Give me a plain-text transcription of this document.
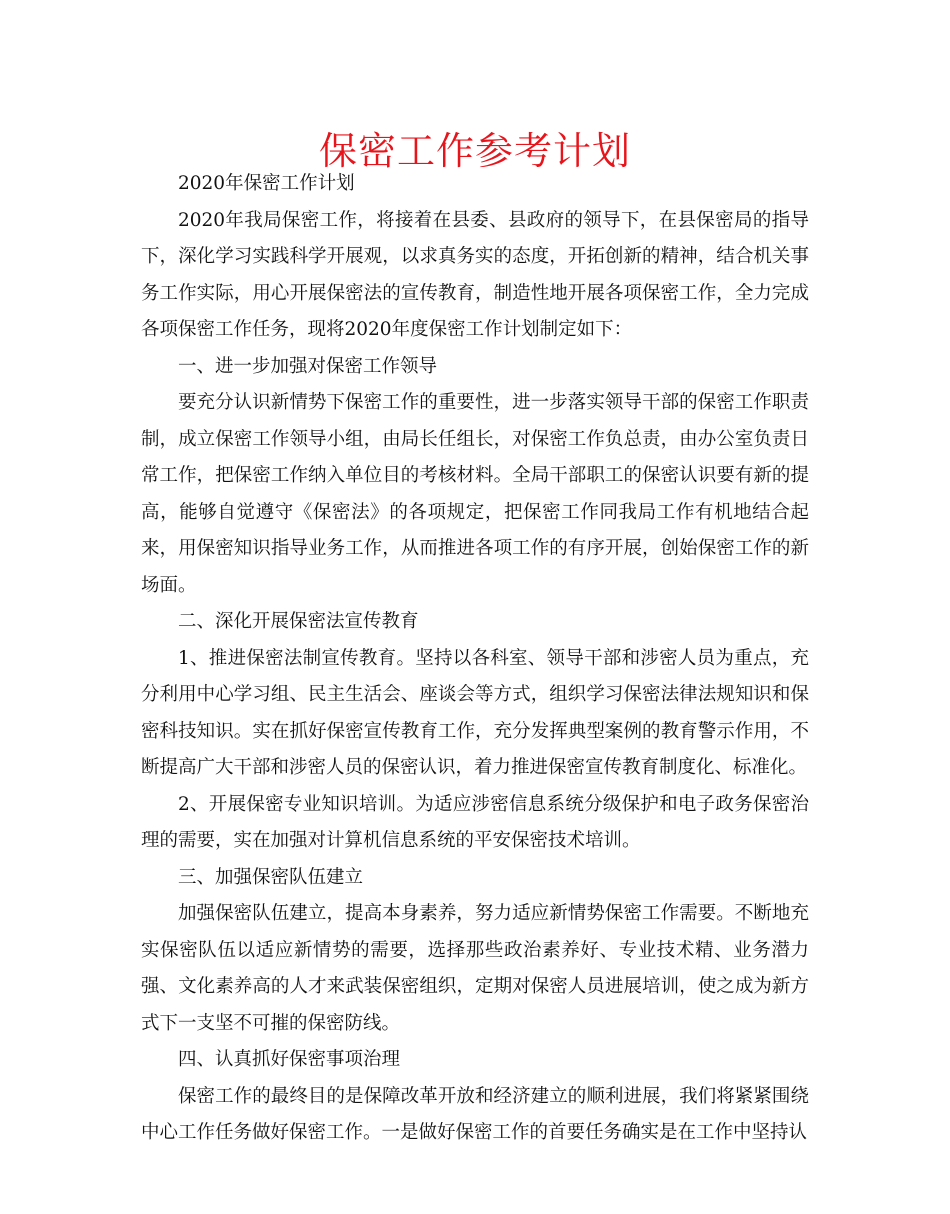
保密工作参考计划

2020年保密工作计划

2020年我局保密工作，将接着在县委、县政府的领导下，在县保密局的指导下，深化学习实践科学开展观，以求真务实的态度，开拓创新的精神，结合机关事务工作实际，用心开展保密法的宣传教育，制造性地开展各项保密工作，全力完成各项保密工作任务，现将2020年度保密工作计划制定如下：

一、进一步加强对保密工作领导

要充分认识新情势下保密工作的重要性，进一步落实领导干部的保密工作职责制，成立保密工作领导小组，由局长任组长，对保密工作负总责，由办公室负责日常工作，把保密工作纳入单位目的考核材料。全局干部职工的保密认识要有新的提高，能够自觉遵守《保密法》的各项规定，把保密工作同我局工作有机地结合起来，用保密知识指导业务工作，从而推进各项工作的有序开展，创始保密工作的新场面。

二、深化开展保密法宣传教育

1、推进保密法制宣传教育。坚持以各科室、领导干部和涉密人员为重点，充分利用中心学习组、民主生活会、座谈会等方式，组织学习保密法律法规知识和保密科技知识。实在抓好保密宣传教育工作，充分发挥典型案例的教育警示作用，不断提高广大干部和涉密人员的保密认识，着力推进保密宣传教育制度化、标准化。

2、开展保密专业知识培训。为适应涉密信息系统分级保护和电子政务保密治理的需要，实在加强对计算机信息系统的平安保密技术培训。

三、加强保密队伍建立

加强保密队伍建立，提高本身素养，努力适应新情势保密工作需要。不断地充实保密队伍以适应新情势的需要，选择那些政治素养好、专业技术精、业务潜力强、文化素养高的人才来武装保密组织，定期对保密人员进展培训，使之成为新方式下一支坚不可摧的保密防线。

四、认真抓好保密事项治理

保密工作的最终目的是保障改革开放和经济建立的顺利进展，我们将紧紧围绕中心工作任务做好保密工作。一是做好保密工作的首要任务确实是在工作中坚持认
